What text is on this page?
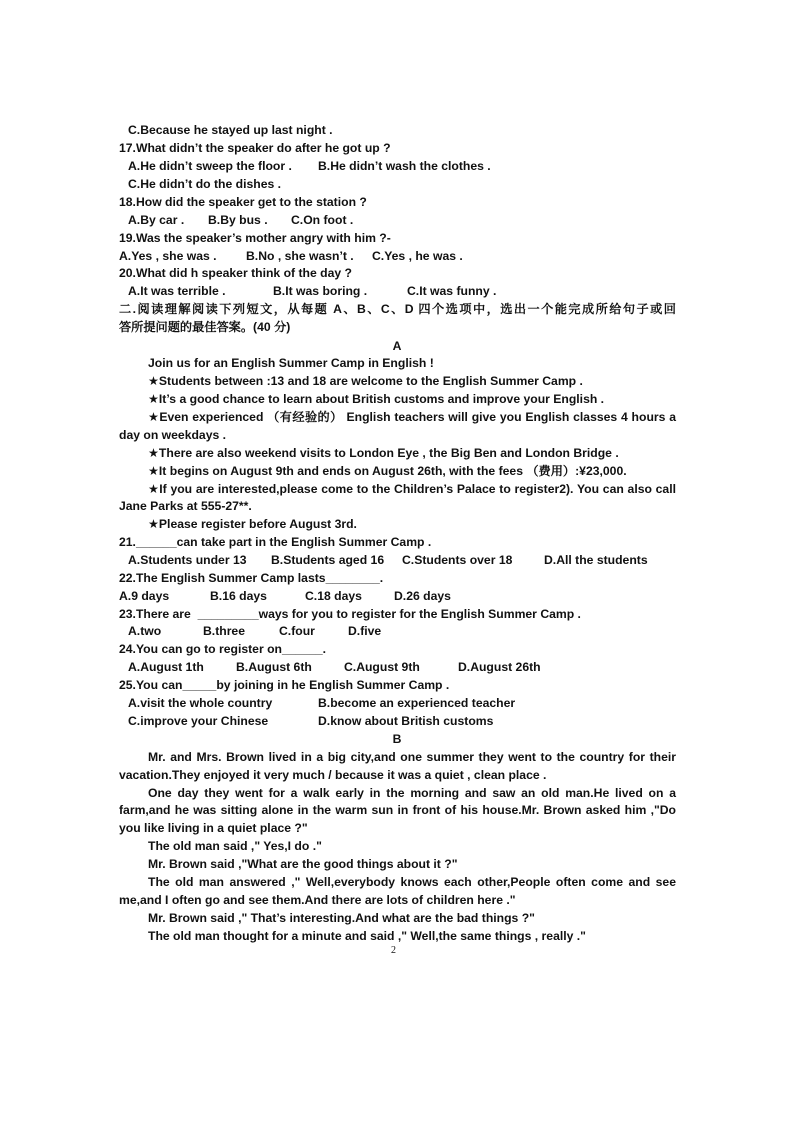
C.Because he stayed up last night .
17.What didn’t the speaker do after he got up ?
A.He didn’t sweep the floor . B.He didn’t wash the clothes .
C.He didn’t do the dishes .
18.How did the speaker get to the station ?
A.By car . B.By bus . C.On foot .
19.Was the speaker’s mother angry with him ?-
A.Yes , she was . B.No , she wasn’t . C.Yes , he was .
20.What did h speaker think of the day ?
A.It was terrible .	B.It was boring .	C.It was funny .
二.阅读理解阅读下列短文，从每题 A、B、C、D 四个选项中，选出一个能完成所给句子或回
答所提问题的最佳答案。(40 分)
A
Join us for an English Summer Camp in English !
★Students between :13 and 18 are welcome to the English Summer Camp .
★It’s a good chance to learn about British customs and improve your English .
★Even experienced （有经验的） English teachers will give you English classes 4 hours a
day on weekdays .
★There are also weekend visits to London Eye , the Big Ben and London Bridge .
★It begins on August 9th and ends on August 26th, with the fees （费用）:¥23,000.
★If you are interested,please come to the Children’s Palace to register2). You can also call
Jane Parks at 555-27**.
★Please register before August 3rd.
21.______can take part in the English Summer Camp .
A.Students under 13 B.Students aged 16 C.Students over 18	D.All the students
22.The English Summer Camp lasts________.
A.9 days	B.16 days	C.18 days	D.26 days
23.There are  _________ways for you to register for the English Summer Camp .
A.two	B.three	C.four	D.five
24.You can go to register on______.
A.August 1th	B.August 6th	C.August 9th	D.August 26th
25.You can_____by joining in he English Summer Camp .
A.visit the whole country	B.become an experienced teacher
C.improve your Chinese	D.know about British customs
B
Mr. and Mrs. Brown lived in a big city,and one summer they went to the country for their
vacation.They enjoyed it very much / because it was a quiet , clean place .
One day they went for a walk early in the morning and saw an old man.He lived on a
farm,and he was sitting alone in the warm sun in front of his house.Mr. Brown asked him ,"Do
you like living in a quiet place ?"
The old man said ," Yes,I do ."
Mr. Brown said ,"What are the good things about it ?"
The old man answered ," Well,everybody knows each other,People often come and see
me,and I often go and see them.And there are lots of children here ."
Mr. Brown said ," That’s interesting.And what are the bad things ?"
The old man thought for a minute and said ," Well,the same things , really ."
2
